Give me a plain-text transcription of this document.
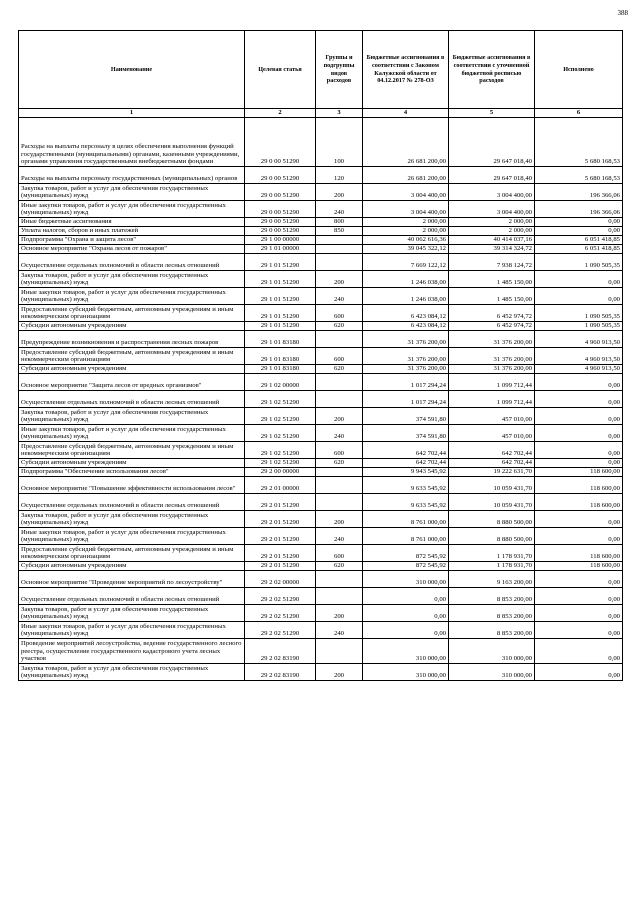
388
Наименование	Целевая статья	Группы и подгруппы видов расходов	Бюджетные ассигнования в соответствии с Законом Калужской области от 04.12.2017 № 278-ОЗ	Бюджетные ассигнования в соответствии с уточненной бюджетной росписью расходов	Исполнено
1	2	3	4	5	6
Расходы на выплаты персоналу в целях обеспечения выполнения функций государственными (муниципальными) органами, казенными учреждениями, органами управления государственными внебюджетными фондами	29 0 00 51290	100	26 681 200,00	29 647 018,40	5 680 168,53
Расходы на выплаты персоналу государственных (муниципальных) органов	29 0 00 51290	120	26 681 200,00	29 647 018,40	5 680 168,53
Закупка товаров, работ и услуг для обеспечения государственных (муниципальных) нужд	29 0 00 51290	200	3 004 400,00	3 004 400,00	196 366,06
Иные закупки товаров, работ и услуг для обеспечения государственных (муниципальных) нужд	29 0 00 51290	240	3 004 400,00	3 004 400,00	196 366,06
Иные бюджетные ассигнования	29 0 00 51290	800	2 000,00	2 000,00	0,00
Уплата налогов, сборов и иных платежей	29 0 00 51290	850	2 000,00	2 000,00	0,00
Подпрограмма "Охрана и защита лесов"	29 1 00 00000		40 062 616,36	40 414 037,16	6 051 418,85
Основное мероприятие "Охрана лесов от пожаров"	29 1 01 00000		39 045 322,12	39 314 324,72	6 051 418,85
Осуществление отдельных полномочий в области лесных отношений	29 1 01 51290		7 669 122,12	7 938 124,72	1 090 505,35
Закупка товаров, работ и услуг для обеспечения государственных (муниципальных) нужд	29 1 01 51290	200	1 246 038,00	1 485 150,00	0,00
Иные закупки товаров, работ и услуг для обеспечения государственных (муниципальных) нужд	29 1 01 51290	240	1 246 038,00	1 485 150,00	0,00
Предоставление субсидий бюджетным, автономным учреждениям и иным некоммерческим организациям	29 1 01 51290	600	6 423 084,12	6 452 974,72	1 090 505,35
Субсидии автономным учреждениям	29 1 01 51290	620	6 423 084,12	6 452 974,72	1 090 505,35
Предупреждение возникновения и распространения лесных пожаров	29 1 01 83180		31 376 200,00	31 376 200,00	4 960 913,50
Предоставление субсидий бюджетным, автономным учреждениям и иным некоммерческим организациям	29 1 01 83180	600	31 376 200,00	31 376 200,00	4 960 913,50
Субсидии автономным учреждениям	29 1 01 83180	620	31 376 200,00	31 376 200,00	4 960 913,50
Основное мероприятие "Защита лесов от вредных организмов"	29 1 02 00000		1 017 294,24	1 099 712,44	0,00
Осуществление отдельных полномочий в области лесных отношений	29 1 02 51290		1 017 294,24	1 099 712,44	0,00
Закупка товаров, работ и услуг для обеспечения государственных (муниципальных) нужд	29 1 02 51290	200	374 591,80	457 010,00	0,00
Иные закупки товаров, работ и услуг для обеспечения государственных (муниципальных) нужд	29 1 02 51290	240	374 591,80	457 010,00	0,00
Предоставление субсидий бюджетным, автономным учреждениям и иным некоммерческим организациям	29 1 02 51290	600	642 702,44	642 702,44	0,00
Субсидии автономным учреждениям	29 1 02 51290	620	642 702,44	642 702,44	0,00
Подпрограмма "Обеспечение использования лесов"	29 2 00 00000		9 943 545,92	19 222 631,70	118 600,00
Основное мероприятие "Повышение эффективности использования лесов"	29 2 01 00000		9 633 545,92	10 059 431,70	118 600,00
Осуществление отдельных полномочий в области лесных отношений	29 2 01 51290		9 633 545,92	10 059 431,70	118 600,00
Закупка товаров, работ и услуг для обеспечения государственных (муниципальных) нужд	29 2 01 51290	200	8 761 000,00	8 880 500,00	0,00
Иные закупки товаров, работ и услуг для обеспечения государственных (муниципальных) нужд	29 2 01 51290	240	8 761 000,00	8 880 500,00	0,00
Предоставление субсидий бюджетным, автономным учреждениям и иным некоммерческим организациям	29 2 01 51290	600	872 545,92	1 178 931,70	118 600,00
Субсидии автономным учреждениям	29 2 01 51290	620	872 545,92	1 178 931,70	118 600,00
Основное мероприятие "Проведение мероприятий по лесоустройству"	29 2 02 00000		310 000,00	9 163 200,00	0,00
Осуществление отдельных полномочий в области лесных отношений	29 2 02 51290		0,00	8 853 200,00	0,00
Закупка товаров, работ и услуг для обеспечения государственных (муниципальных) нужд	29 2 02 51290	200	0,00	8 853 200,00	0,00
Иные закупки товаров, работ и услуг для обеспечения государственных (муниципальных) нужд	29 2 02 51290	240	0,00	8 853 200,00	0,00
Проведение мероприятий лесоустройства, ведение государственного лесного реестра, осуществление государственного кадастрового учета лесных участков	29 2 02 83190		310 000,00	310 000,00	0,00
Закупка товаров, работ и услуг для обеспечения государственных (муниципальных) нужд	29 2 02 83190	200	310 000,00	310 000,00	0,00
